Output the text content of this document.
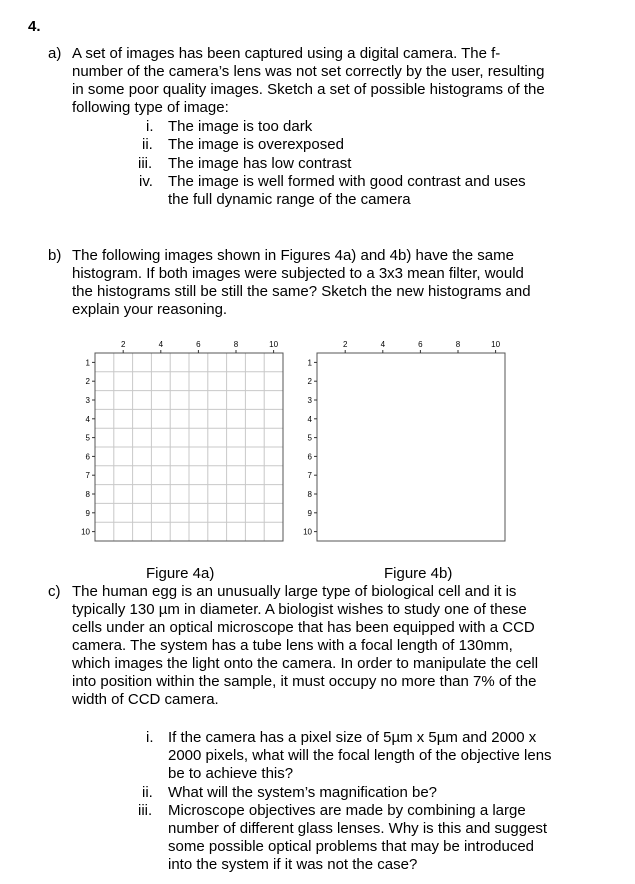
4.
a) A set of images has been captured using a digital camera. The f-
number of the camera’s lens was not set correctly by the user, resulting
in some poor quality images. Sketch a set of possible histograms of the
following type of image:
i. The image is too dark
ii. The image is overexposed
iii. The image has low contrast
iv. The image is well formed with good contrast and uses
the full dynamic range of the camera
b) The following images shown in Figures 4a) and 4b) have the same
histogram. If both images were subjected to a 3x3 mean filter, would
the histograms still be still the same? Sketch the new histograms and
explain your reasoning.
2	4	6	8	10
1
2
3
4
5
6
7
8
9
10
2	4	6	8	10
1
2
3
4
5
6
7
8
9
10
Figure 4a)	Figure 4b)
c) The human egg is an unusually large type of biological cell and it is
typically 130 µm in diameter. A biologist wishes to study one of these
cells under an optical microscope that has been equipped with a CCD
camera. The system has a tube lens with a focal length of 130mm,
which images the light onto the camera. In order to manipulate the cell
into position within the sample, it must occupy no more than 7% of the
width of CCD camera.
i. If the camera has a pixel size of 5µm x 5µm and 2000 x
2000 pixels, what will the focal length of the objective lens
be to achieve this?
ii. What will the system’s magnification be?
iii. Microscope objectives are made by combining a large
number of different glass lenses. Why is this and suggest
some possible optical problems that may be introduced
into the system if it was not the case?
